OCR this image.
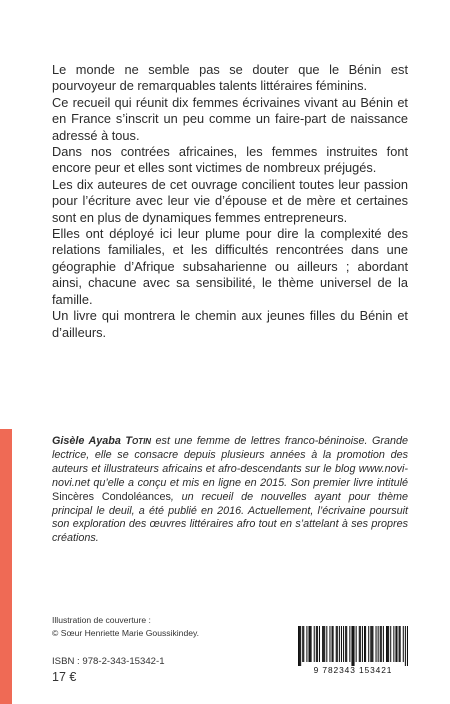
Le monde ne semble pas se douter que le Bénin est pourvoyeur de remarquables talents littéraires féminins.

Ce recueil qui réunit dix femmes écrivaines vivant au Bénin et en France s’inscrit un peu comme un faire-part de naissance adressé à tous.

Dans nos contrées africaines, les femmes instruites font encore peur et elles sont victimes de nombreux préjugés.

Les dix auteures de cet ouvrage concilient toutes leur passion pour l’écriture avec leur vie d’épouse et de mère et certaines sont en plus de dynamiques femmes entrepreneurs.

Elles ont déployé ici leur plume pour dire la complexité des relations familiales, et les difficultés rencontrées dans une géographie d’Afrique subsaharienne ou ailleurs ; abordant ainsi, chacune avec sa sensibilité, le thème universel de la famille.

Un livre qui montrera le chemin aux jeunes filles du Bénin et d’ailleurs.

Gisèle Ayaba Totin est une femme de lettres franco-béninoise. Grande lectrice, elle se consacre depuis plusieurs années à la promotion des auteurs et illustrateurs africains et afro-descendants sur le blog www.novi-novi.net qu’elle a conçu et mis en ligne en 2015. Son premier livre intitulé Sincères Condoléances, un recueil de nouvelles ayant pour thème principal le deuil, a été publié en 2016. Actuellement, l’écrivaine poursuit son exploration des œuvres littéraires afro tout en s’attelant à ses propres créations.
Illustration de couverture :
© Sœur Henriette Marie Goussikindey.
ISBN : 978-2-343-15342-1
17 €	9 782343 153421
